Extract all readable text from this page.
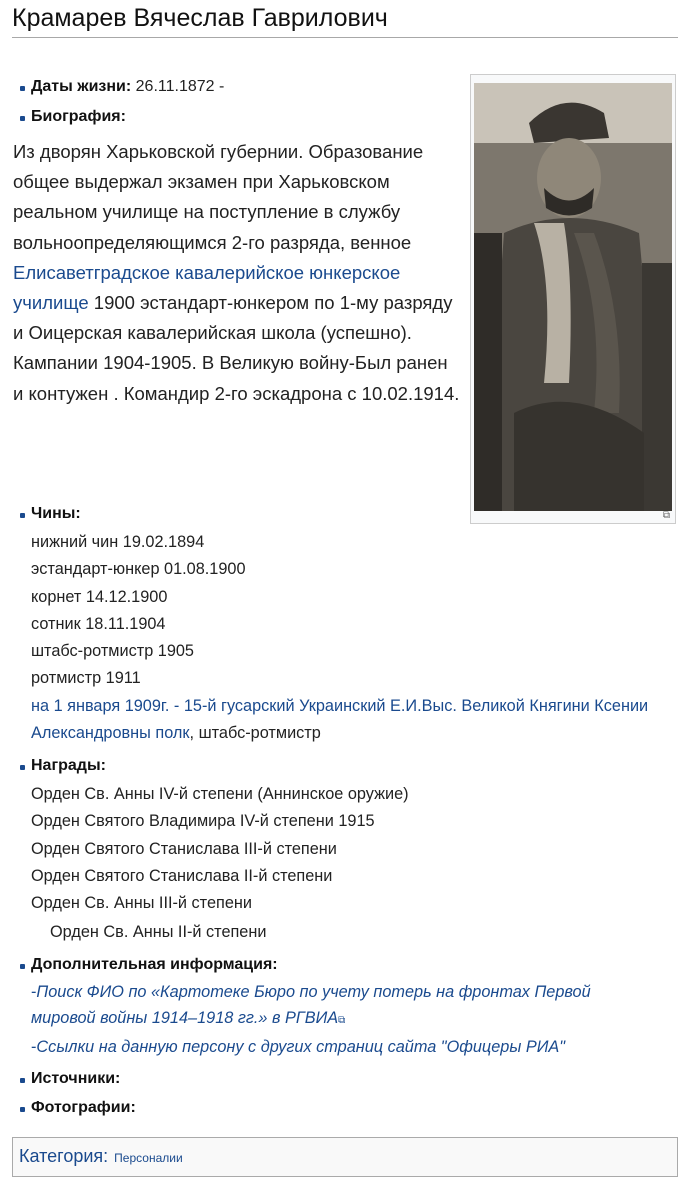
Крамарев Вячеслав Гаврилович
⧉
Даты жизни: 26.11.1872 -
Биография:
Из дворян Харьковской губернии. Образование общее выдержал экзамен при Харьковском реальном училище на поступление в службу вольноопределяющимся 2-го разряда, венное Елисаветградское кавалерийское юнкерское училище 1900 эстандарт-юнкером по 1-му разряду и Оицерская кавалерийская школа (успешно). Кампании 1904-1905. В Великую войну-Был ранен и контужен . Командир 2-го эскадрона с 10.02.1914.
Чины:
нижний чин 19.02.1894
эстандарт-юнкер 01.08.1900
корнет 14.12.1900
сотник 18.11.1904
штабс-ротмистр 1905
ротмистр 1911
на 1 января 1909г. - 15-й гусарский Украинский Е.И.Выс. Великой Княгини Ксении Александровны полк, штабс-ротмистр
Награды:
Орден Св. Анны IV-й степени (Аннинское оружие)
Орден Святого Владимира IV-й степени 1915
Орден Святого Станислава III-й степени
Орден Святого Станислава II-й степени
Орден Св. Анны III-й степени
Орден Св. Анны II-й степени
Дополнительная информация:
-Поиск ФИО по «Картотеке Бюро по учету потерь на фронтах Первой мировой войны 1914–1918 гг.» в РГВИА⧉
-Ссылки на данную персону с других страниц сайта "Офицеры РИА"
Источники:
Фотографии:
Категория: Персоналии
